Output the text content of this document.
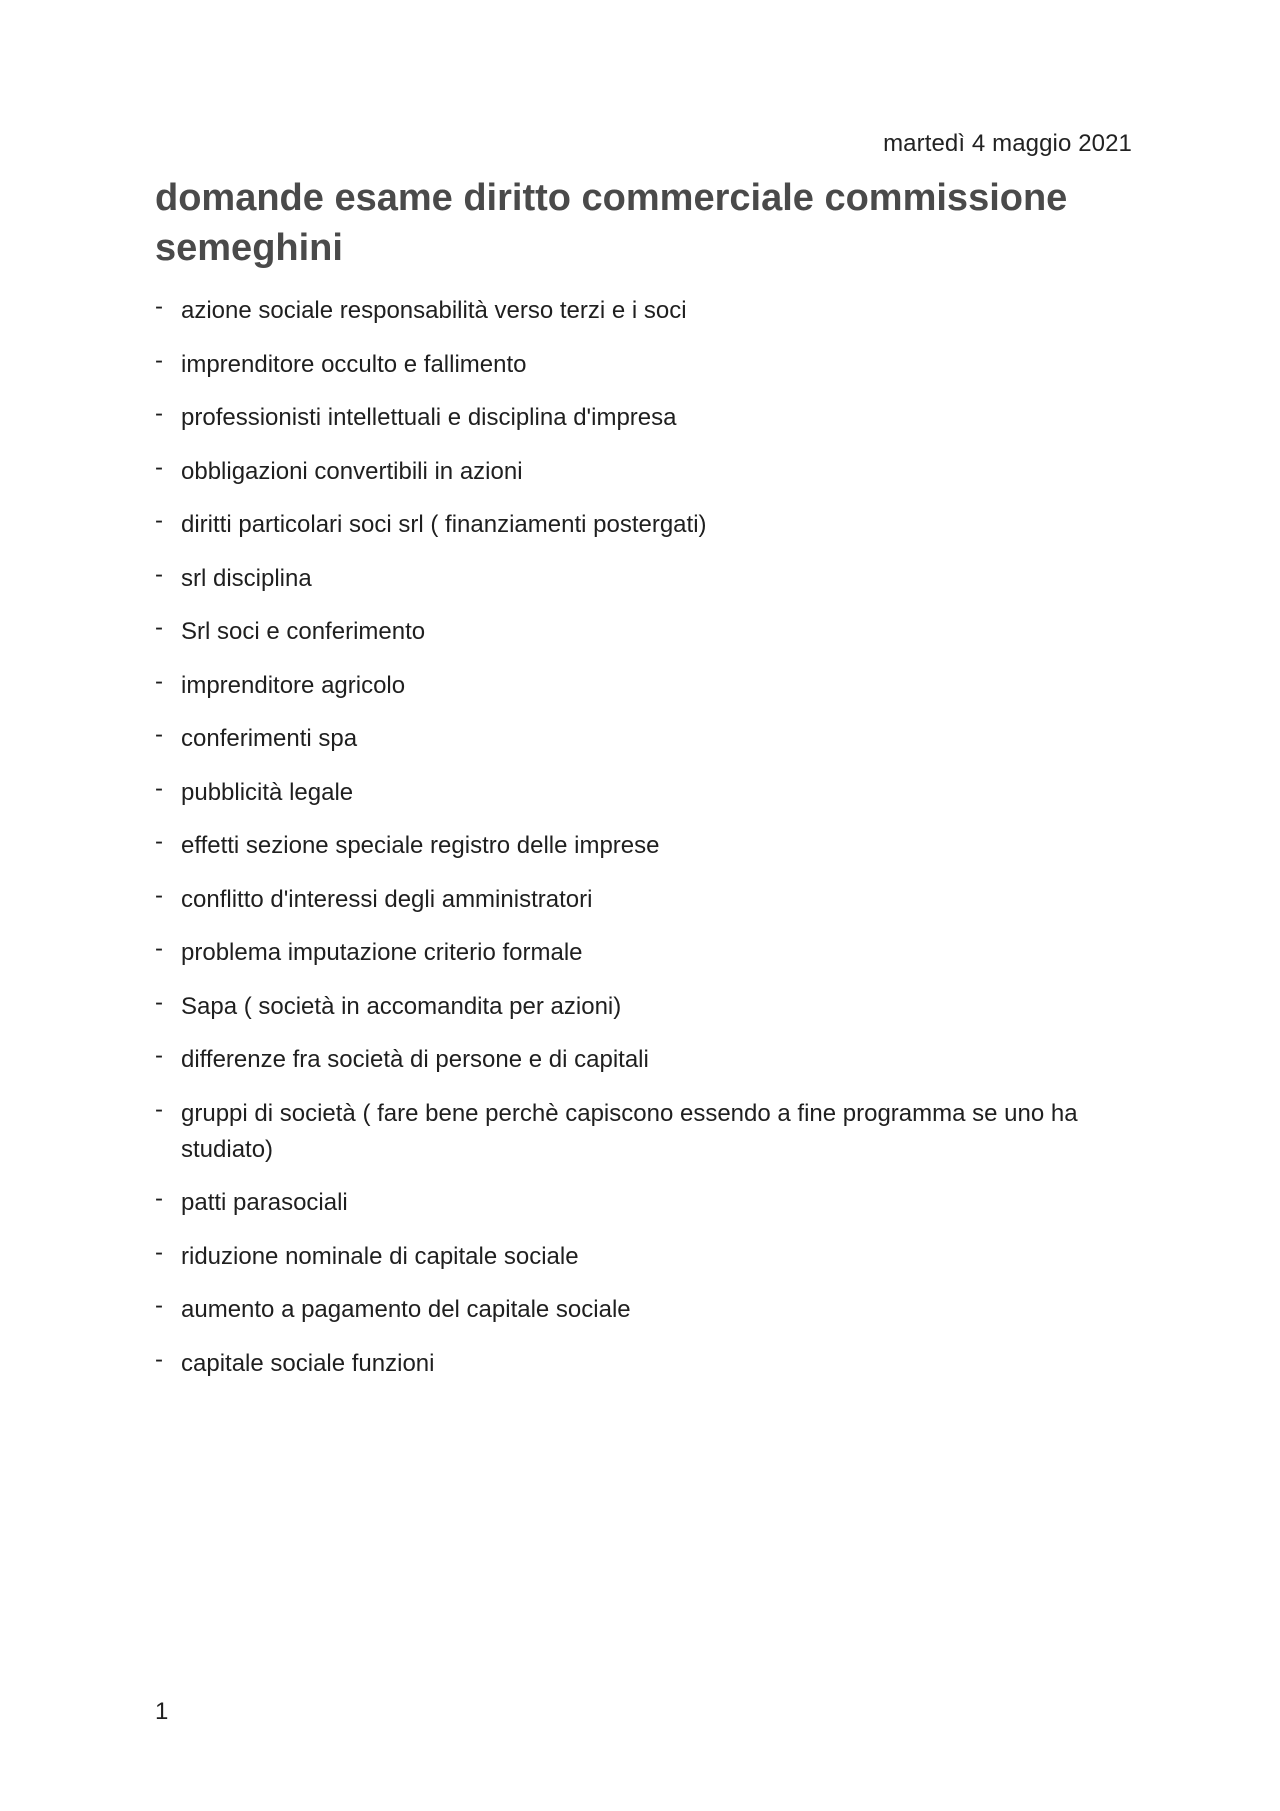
martedì 4 maggio 2021
domande esame diritto commerciale commissione semeghini
- azione sociale responsabilità verso terzi e i soci
- imprenditore occulto e fallimento
- professionisti intellettuali e disciplina d'impresa
- obbligazioni convertibili in azioni
- diritti particolari soci srl ( finanziamenti postergati)
- srl disciplina
- Srl soci e conferimento
- imprenditore agricolo
- conferimenti spa
- pubblicità legale
- effetti sezione speciale registro delle imprese
- conflitto d'interessi degli amministratori
- problema imputazione criterio formale
- Sapa ( società in accomandita per azioni)
- differenze fra società di persone e di capitali
- gruppi di società ( fare bene perchè capiscono essendo a fine programma se uno ha studiato)
- patti parasociali
- riduzione nominale di capitale sociale
- aumento a pagamento del capitale sociale
- capitale sociale funzioni
1
